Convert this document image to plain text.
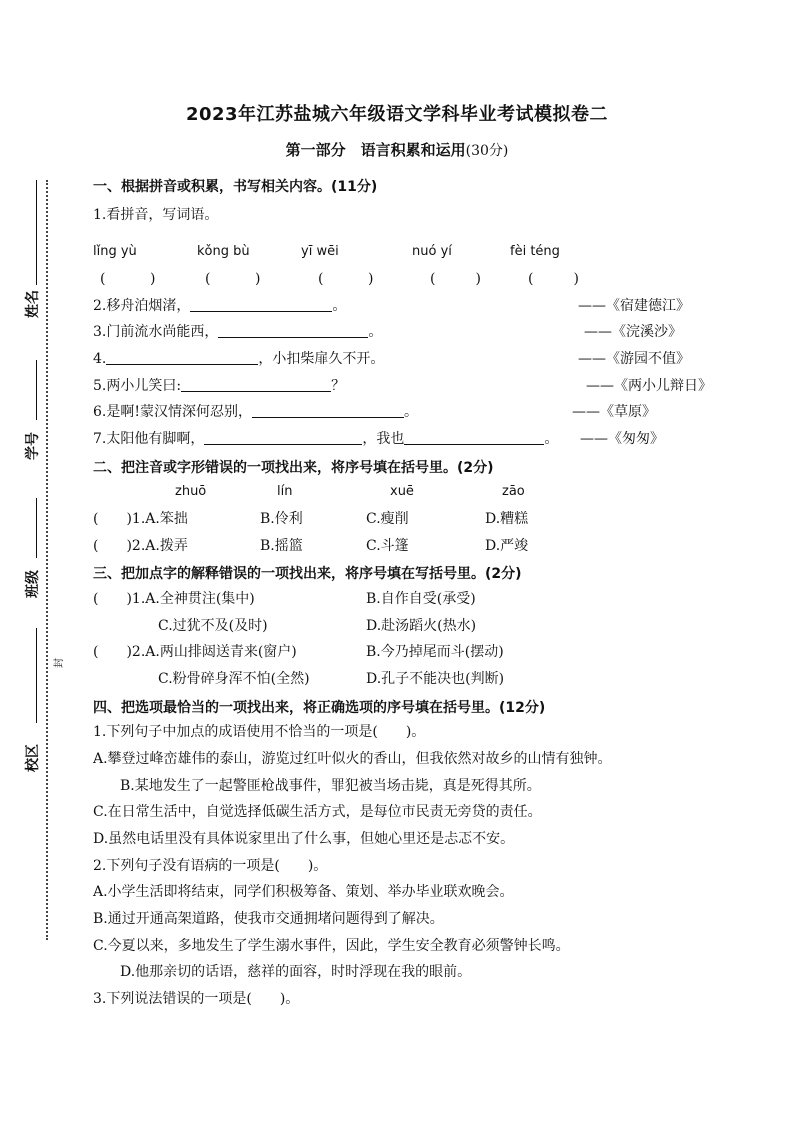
姓名
学号
班级
校区
封
2023年江苏盐城六年级语文学科毕业考试模拟卷二
第一部分　语言积累和运用(30分)
一、根据拼音或积累，书写相关内容。(11分)
1.看拼音，写词语。
lǐng yù	kǒng bù	yī wēi	nuó yí	fèi téng
(          )	(          )	(          )	(         )	(         )
2.移舟泊烟渚，	。	——《宿建德江》
3.门前流水尚能西，	。	——《浣溪沙》
4.	，小扣柴扉久不开。	——《游园不值》
5.两小儿笑曰:	？	——《两小儿辩日》
6.是啊!蒙汉情深何忍别，	。	——《草原》
7.太阳他有脚啊，	，我也	。 ——《匆匆》
二、把注音或字形错误的一项找出来，将序号填在括号里。(2分)
zhuō	lín	xuē	zāo
(　　)1.A.笨拙	B.伶利	C.瘦削	D.糟糕
(　　)2.A.拨弄	B.摇篮	C.斗篷	D.严竣
三、把加点字的解释错误的一项找出来，将序号填在写括号里。(2分)
(　　)1.A.全神贯注(集中)	B.自作自受(承受)
C.过犹不及(及时)	D.赴汤蹈火(热水)
(　　)2.A.两山排闼送青来(窗户)	B.今乃掉尾而斗(摆动)
C.粉骨碎身浑不怕(全然)	D.孔子不能决也(判断)
四、把选项最恰当的一项找出来，将正确选项的序号填在括号里。(12分)
1.下列句子中加点的成语使用不恰当的一项是(　　)。
A.攀登过峰峦雄伟的泰山，游览过红叶似火的香山，但我依然对故乡的山情有独钟。
B.某地发生了一起警匪枪战事件，罪犯被当场击毙，真是死得其所。
C.在日常生活中，自觉选择低碳生活方式，是每位市民责无旁贷的责任。
D.虽然电话里没有具体说家里出了什么事，但她心里还是忐忑不安。
2.下列句子没有语病的一项是(　　)。
A.小学生活即将结束，同学们积极筹备、策划、举办毕业联欢晚会。
B.通过开通高架道路，使我市交通拥堵问题得到了解决。
C.今夏以来，多地发生了学生溺水事件，因此，学生安全教育必须警钟长鸣。
D.他那亲切的话语，慈祥的面容，时时浮现在我的眼前。
3.下列说法错误的一项是(　　)。
